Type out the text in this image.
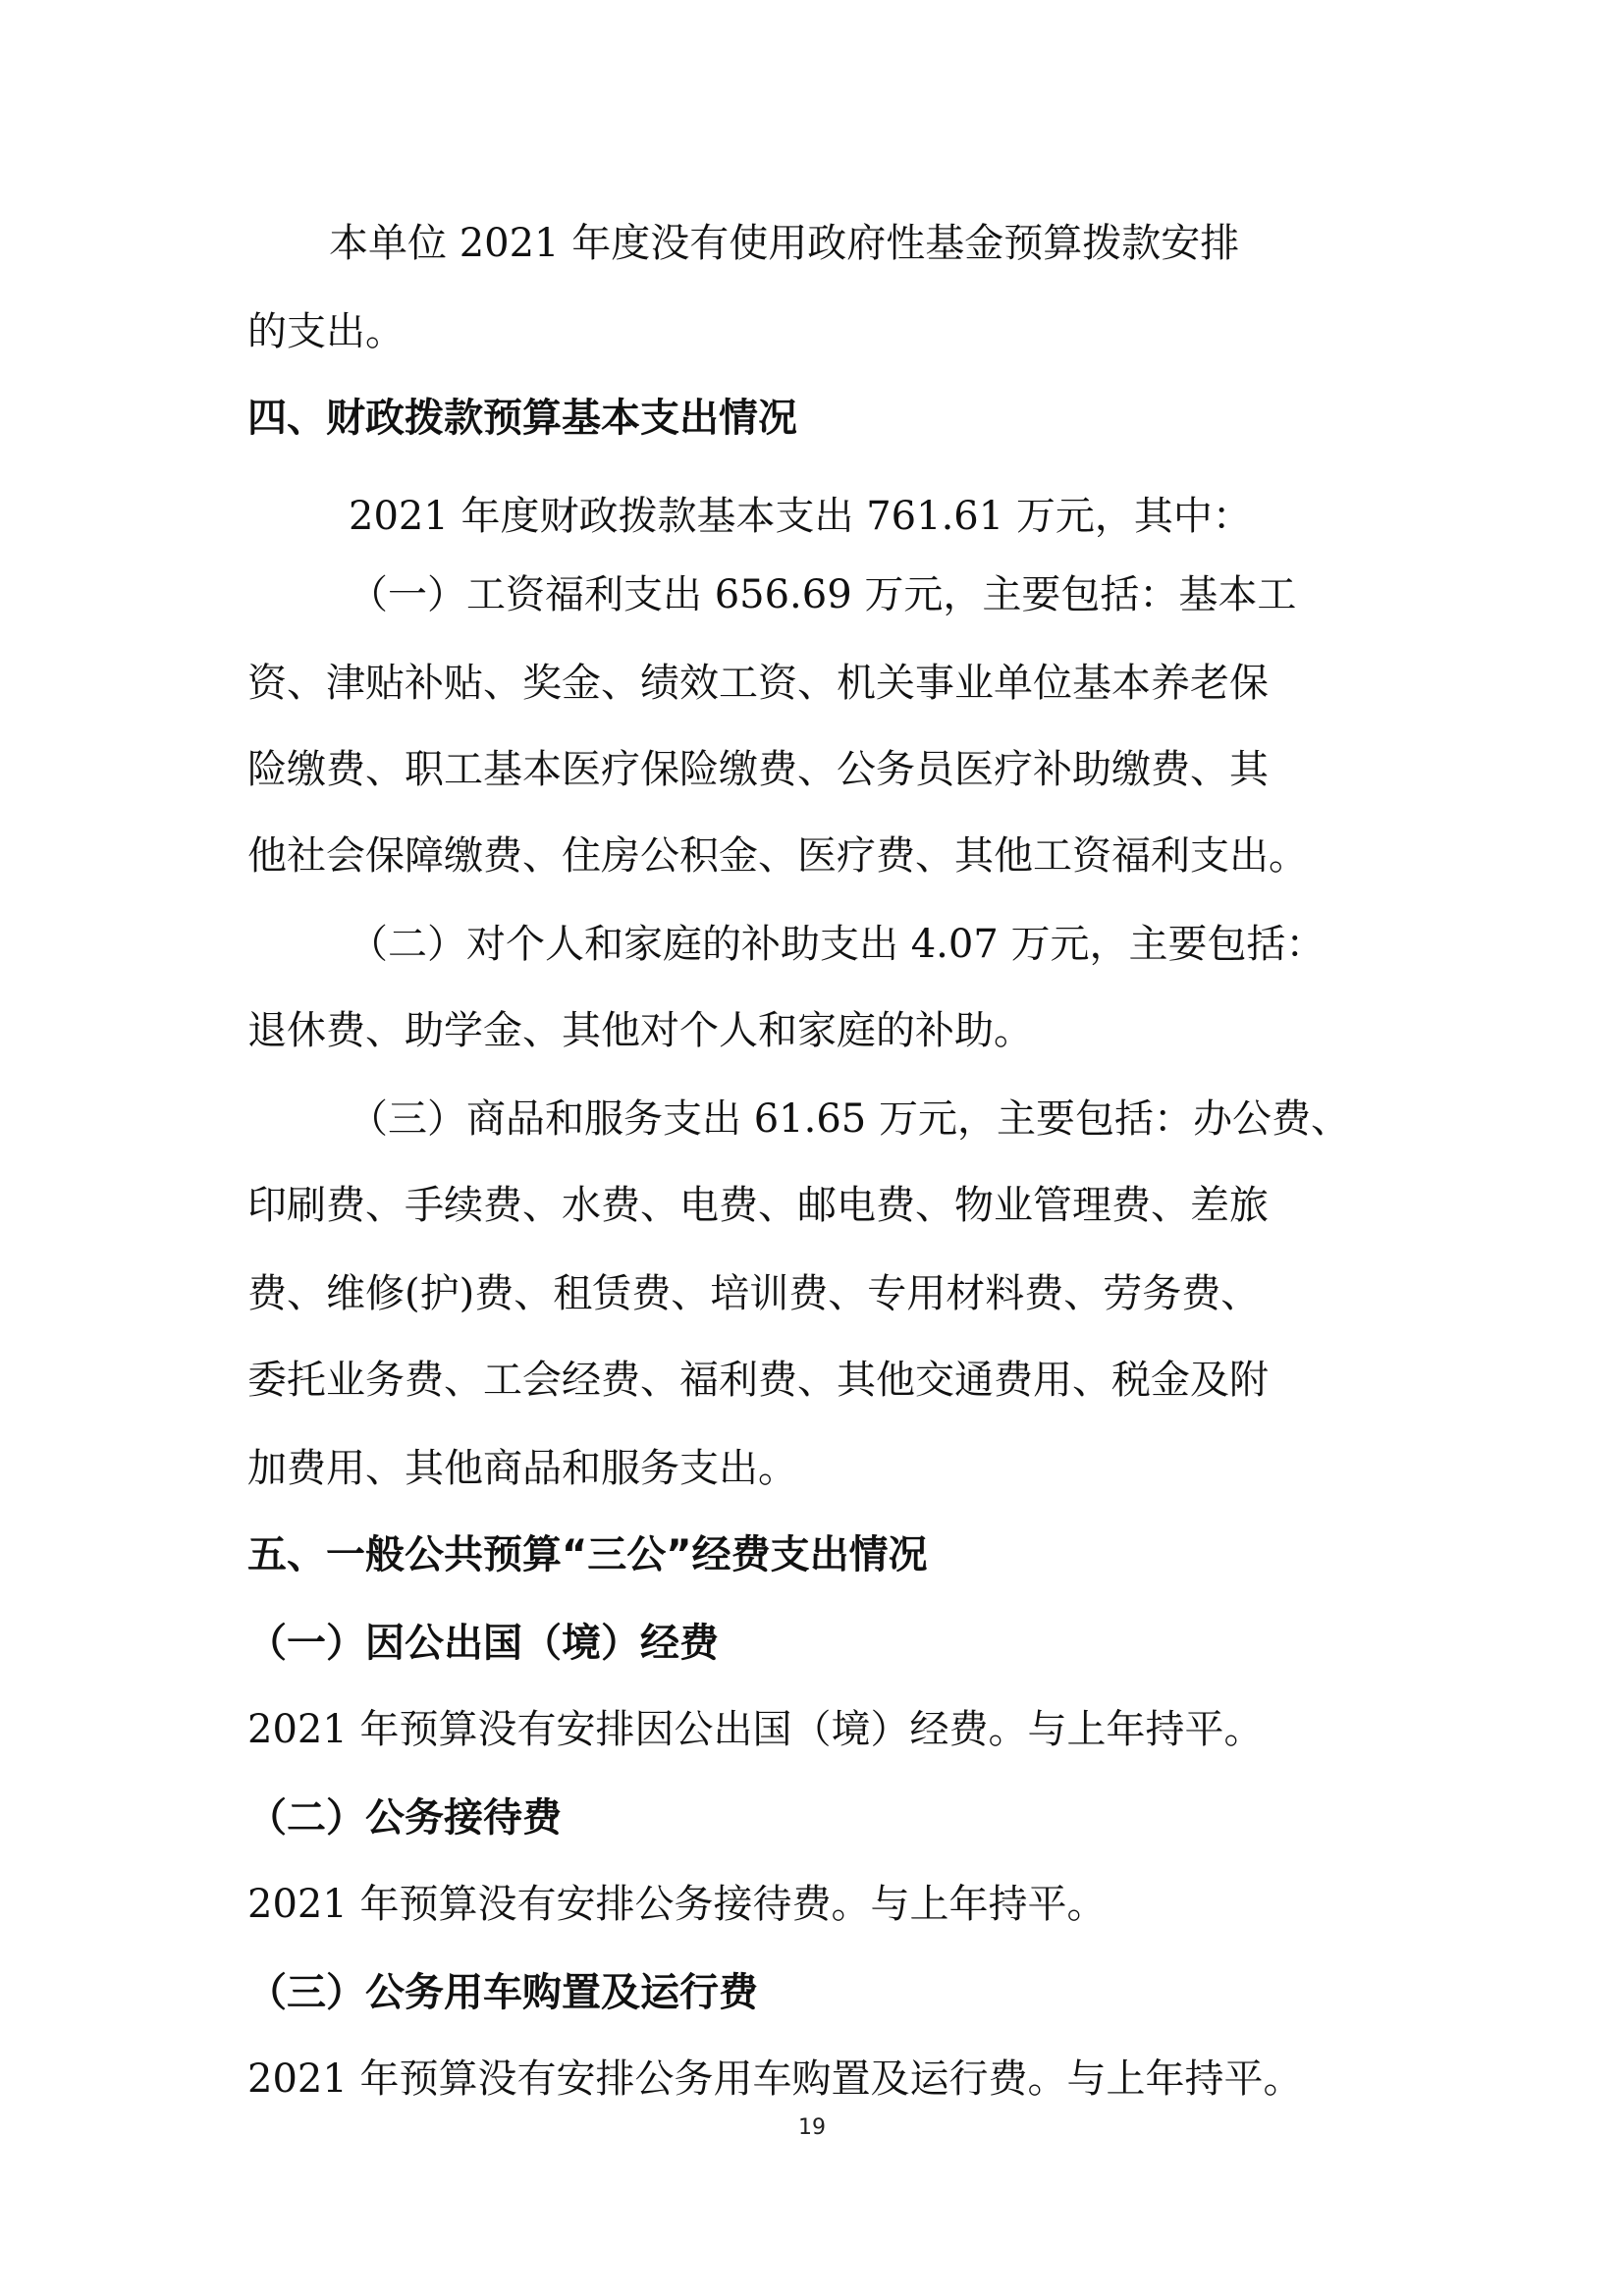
本单位 2021 年度没有使用政府性基金预算拨款安排
的支出。
四、财政拨款预算基本支出情况
2021 年度财政拨款基本支出 761.61 万元，其中：
（一）工资福利支出 656.69 万元，主要包括：基本工
资、津贴补贴、奖金、绩效工资、机关事业单位基本养老保
险缴费、职工基本医疗保险缴费、公务员医疗补助缴费、其
他社会保障缴费、住房公积金、医疗费、其他工资福利支出。
（二）对个人和家庭的补助支出 4.07 万元，主要包括：
退休费、助学金、其他对个人和家庭的补助。
（三）商品和服务支出 61.65 万元，主要包括：办公费、
印刷费、手续费、水费、电费、邮电费、物业管理费、差旅
费、维修(护)费、租赁费、培训费、专用材料费、劳务费、
委托业务费、工会经费、福利费、其他交通费用、税金及附
加费用、其他商品和服务支出。
五、一般公共预算“三公”经费支出情况
（一）因公出国（境）经费
2021 年预算没有安排因公出国（境）经费。与上年持平。
（二）公务接待费
2021 年预算没有安排公务接待费。与上年持平。
（三）公务用车购置及运行费
2021 年预算没有安排公务用车购置及运行费。与上年持平。
19
